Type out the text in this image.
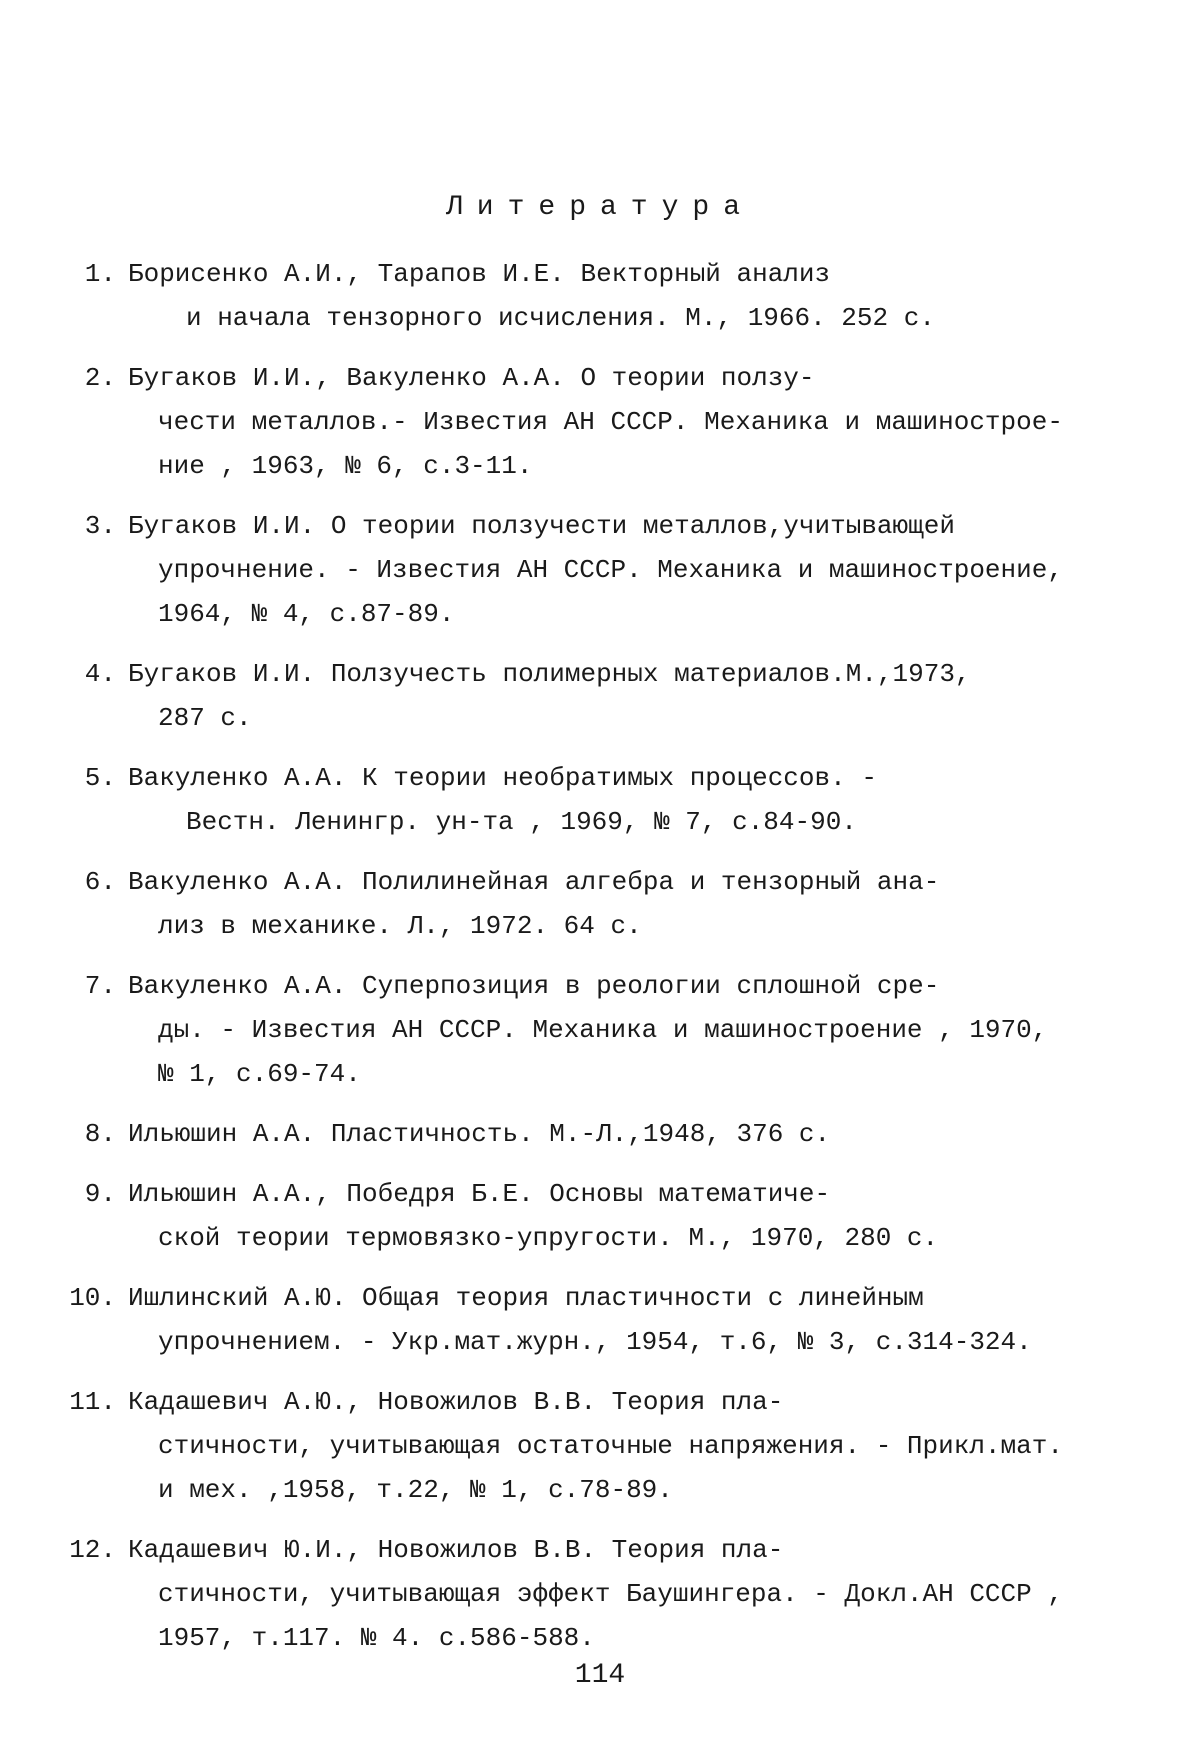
Литература
1. Борисенко А.И., Тарапов И.Е. Векторный анализ
и начала тензорного исчисления. М., 1966. 252 с.
2. Бугаков И.И., Вакуленко А.А. О теории ползу-
чести металлов.- Известия АН СССР. Механика и машинострое-
ние , 1963, № 6, с.3-11.
3. Бугаков И.И. О теории ползучести металлов,учитывающей
упрочнение. - Известия АН СССР. Механика и машиностроение,
1964, № 4, с.87-89.
4. Бугаков И.И. Ползучесть полимерных материалов.М.,1973,
287 с.
5. Вакуленко А.А. К теории необратимых процессов. -
Вестн. Ленингр. ун-та , 1969, № 7, с.84-90.
6. Вакуленко А.А. Полилинейная алгебра и тензорный ана-
лиз в механике. Л., 1972. 64 с.
7. Вакуленко А.А. Суперпозиция в реологии сплошной сре-
ды. - Известия АН СССР. Механика и машиностроение , 1970,
№ 1, с.69-74.
8. Ильюшин А.А. Пластичность. М.-Л.,1948, 376 с.
9. Ильюшин А.А., Победря Б.Е. Основы математиче-
ской теории термовязко-упругости. М., 1970, 280 с.
10. Ишлинский А.Ю. Общая теория пластичности с линейным
упрочнением. - Укр.мат.журн., 1954, т.6, № 3, с.314-324.
11. Кадашевич А.Ю., Новожилов В.В. Теория пла-
стичности, учитывающая остаточные напряжения. - Прикл.мат.
и мех. ,1958, т.22, № 1, с.78-89.
12. Кадашевич Ю.И., Новожилов В.В. Теория пла-
стичности, учитывающая эффект Баушингера. - Докл.АН СССР ,
1957, т.117. № 4. с.586-588.
114
